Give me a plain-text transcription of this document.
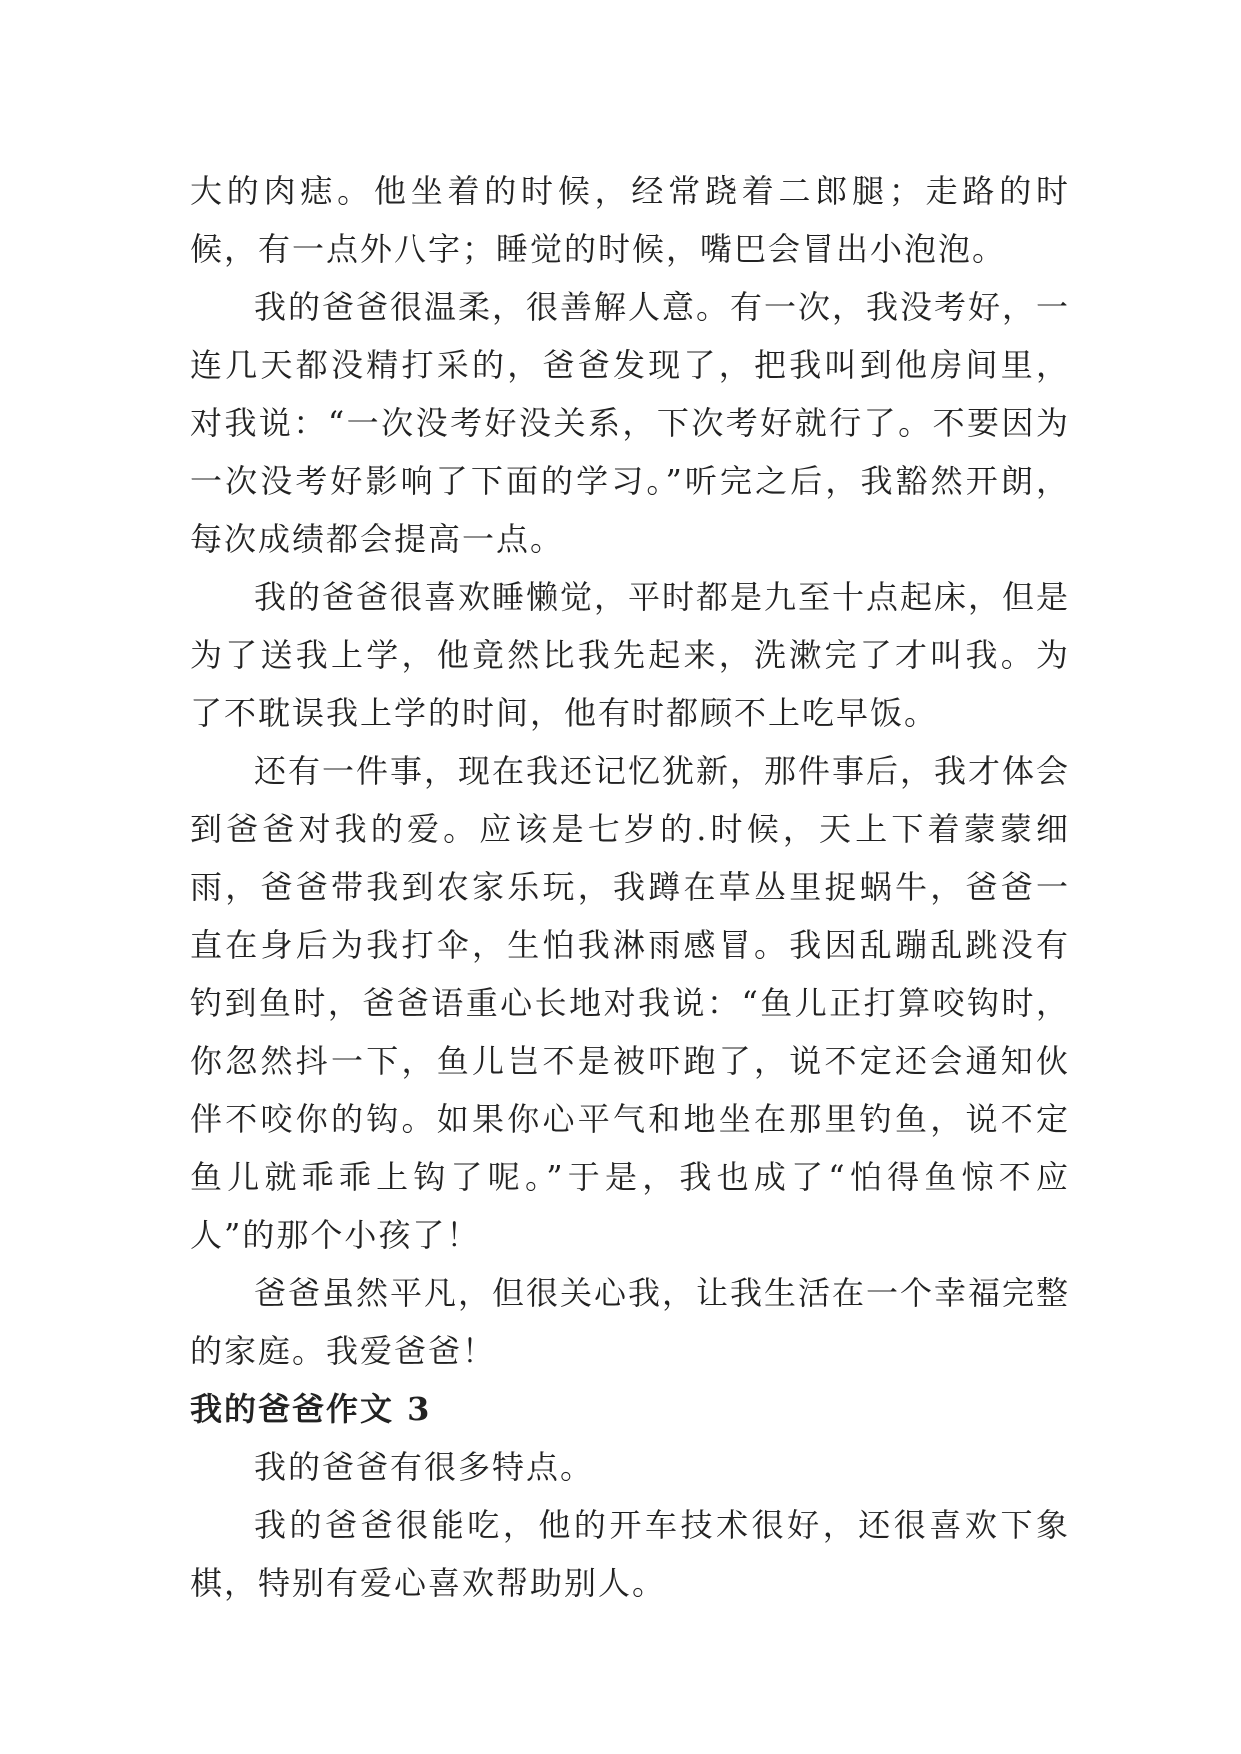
大的肉痣。他坐着的时候，经常跷着二郎腿；走路的时候，有一点外八字；睡觉的时候，嘴巴会冒出小泡泡。

我的爸爸很温柔，很善解人意。有一次，我没考好，一连几天都没精打采的，爸爸发现了，把我叫到他房间里，对我说：“一次没考好没关系，下次考好就行了。不要因为一次没考好影响了下面的学习。”听完之后，我豁然开朗，每次成绩都会提高一点。

我的爸爸很喜欢睡懒觉，平时都是九至十点起床，但是为了送我上学，他竟然比我先起来，洗漱完了才叫我。为了不耽误我上学的时间，他有时都顾不上吃早饭。

还有一件事，现在我还记忆犹新，那件事后，我才体会到爸爸对我的爱。应该是七岁的.时候，天上下着蒙蒙细雨，爸爸带我到农家乐玩，我蹲在草丛里捉蜗牛，爸爸一直在身后为我打伞，生怕我淋雨感冒。我因乱蹦乱跳没有钓到鱼时，爸爸语重心长地对我说：“鱼儿正打算咬钩时，你忽然抖一下，鱼儿岂不是被吓跑了，说不定还会通知伙伴不咬你的钩。如果你心平气和地坐在那里钓鱼，说不定鱼儿就乖乖上钩了呢。”于是，我也成了“怕得鱼惊不应人”的那个小孩了！

爸爸虽然平凡，但很关心我，让我生活在一个幸福完整的家庭。我爱爸爸！

我的爸爸作文 3

我的爸爸有很多特点。

我的爸爸很能吃，他的开车技术很好，还很喜欢下象棋，特别有爱心喜欢帮助别人。
